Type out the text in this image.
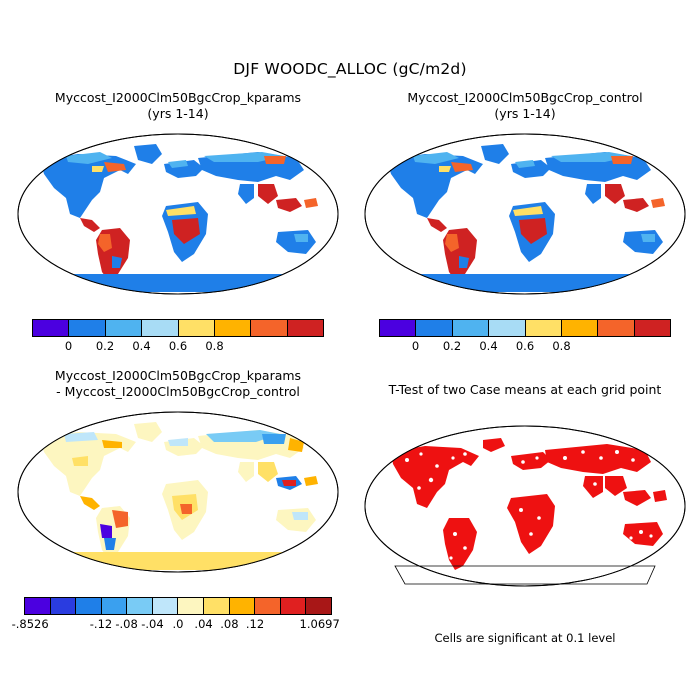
DJF WOODC_ALLOC (gC/m2d)
Myccost_I2000Clm50BgcCrop_kparams
(yrs 1-14)
0 0.2 0.4 0.6 0.8
Myccost_I2000Clm50BgcCrop_control
(yrs 1-14)
0 0.2 0.4 0.6 0.8
Myccost_I2000Clm50BgcCrop_kparams
- Myccost_I2000Clm50BgcCrop_control
-.8526	-.12 -.08 -.04 .0 .04 .08 .12	1.0697
T-Test of two Case means at each grid point
Cells are significant at 0.1 level
